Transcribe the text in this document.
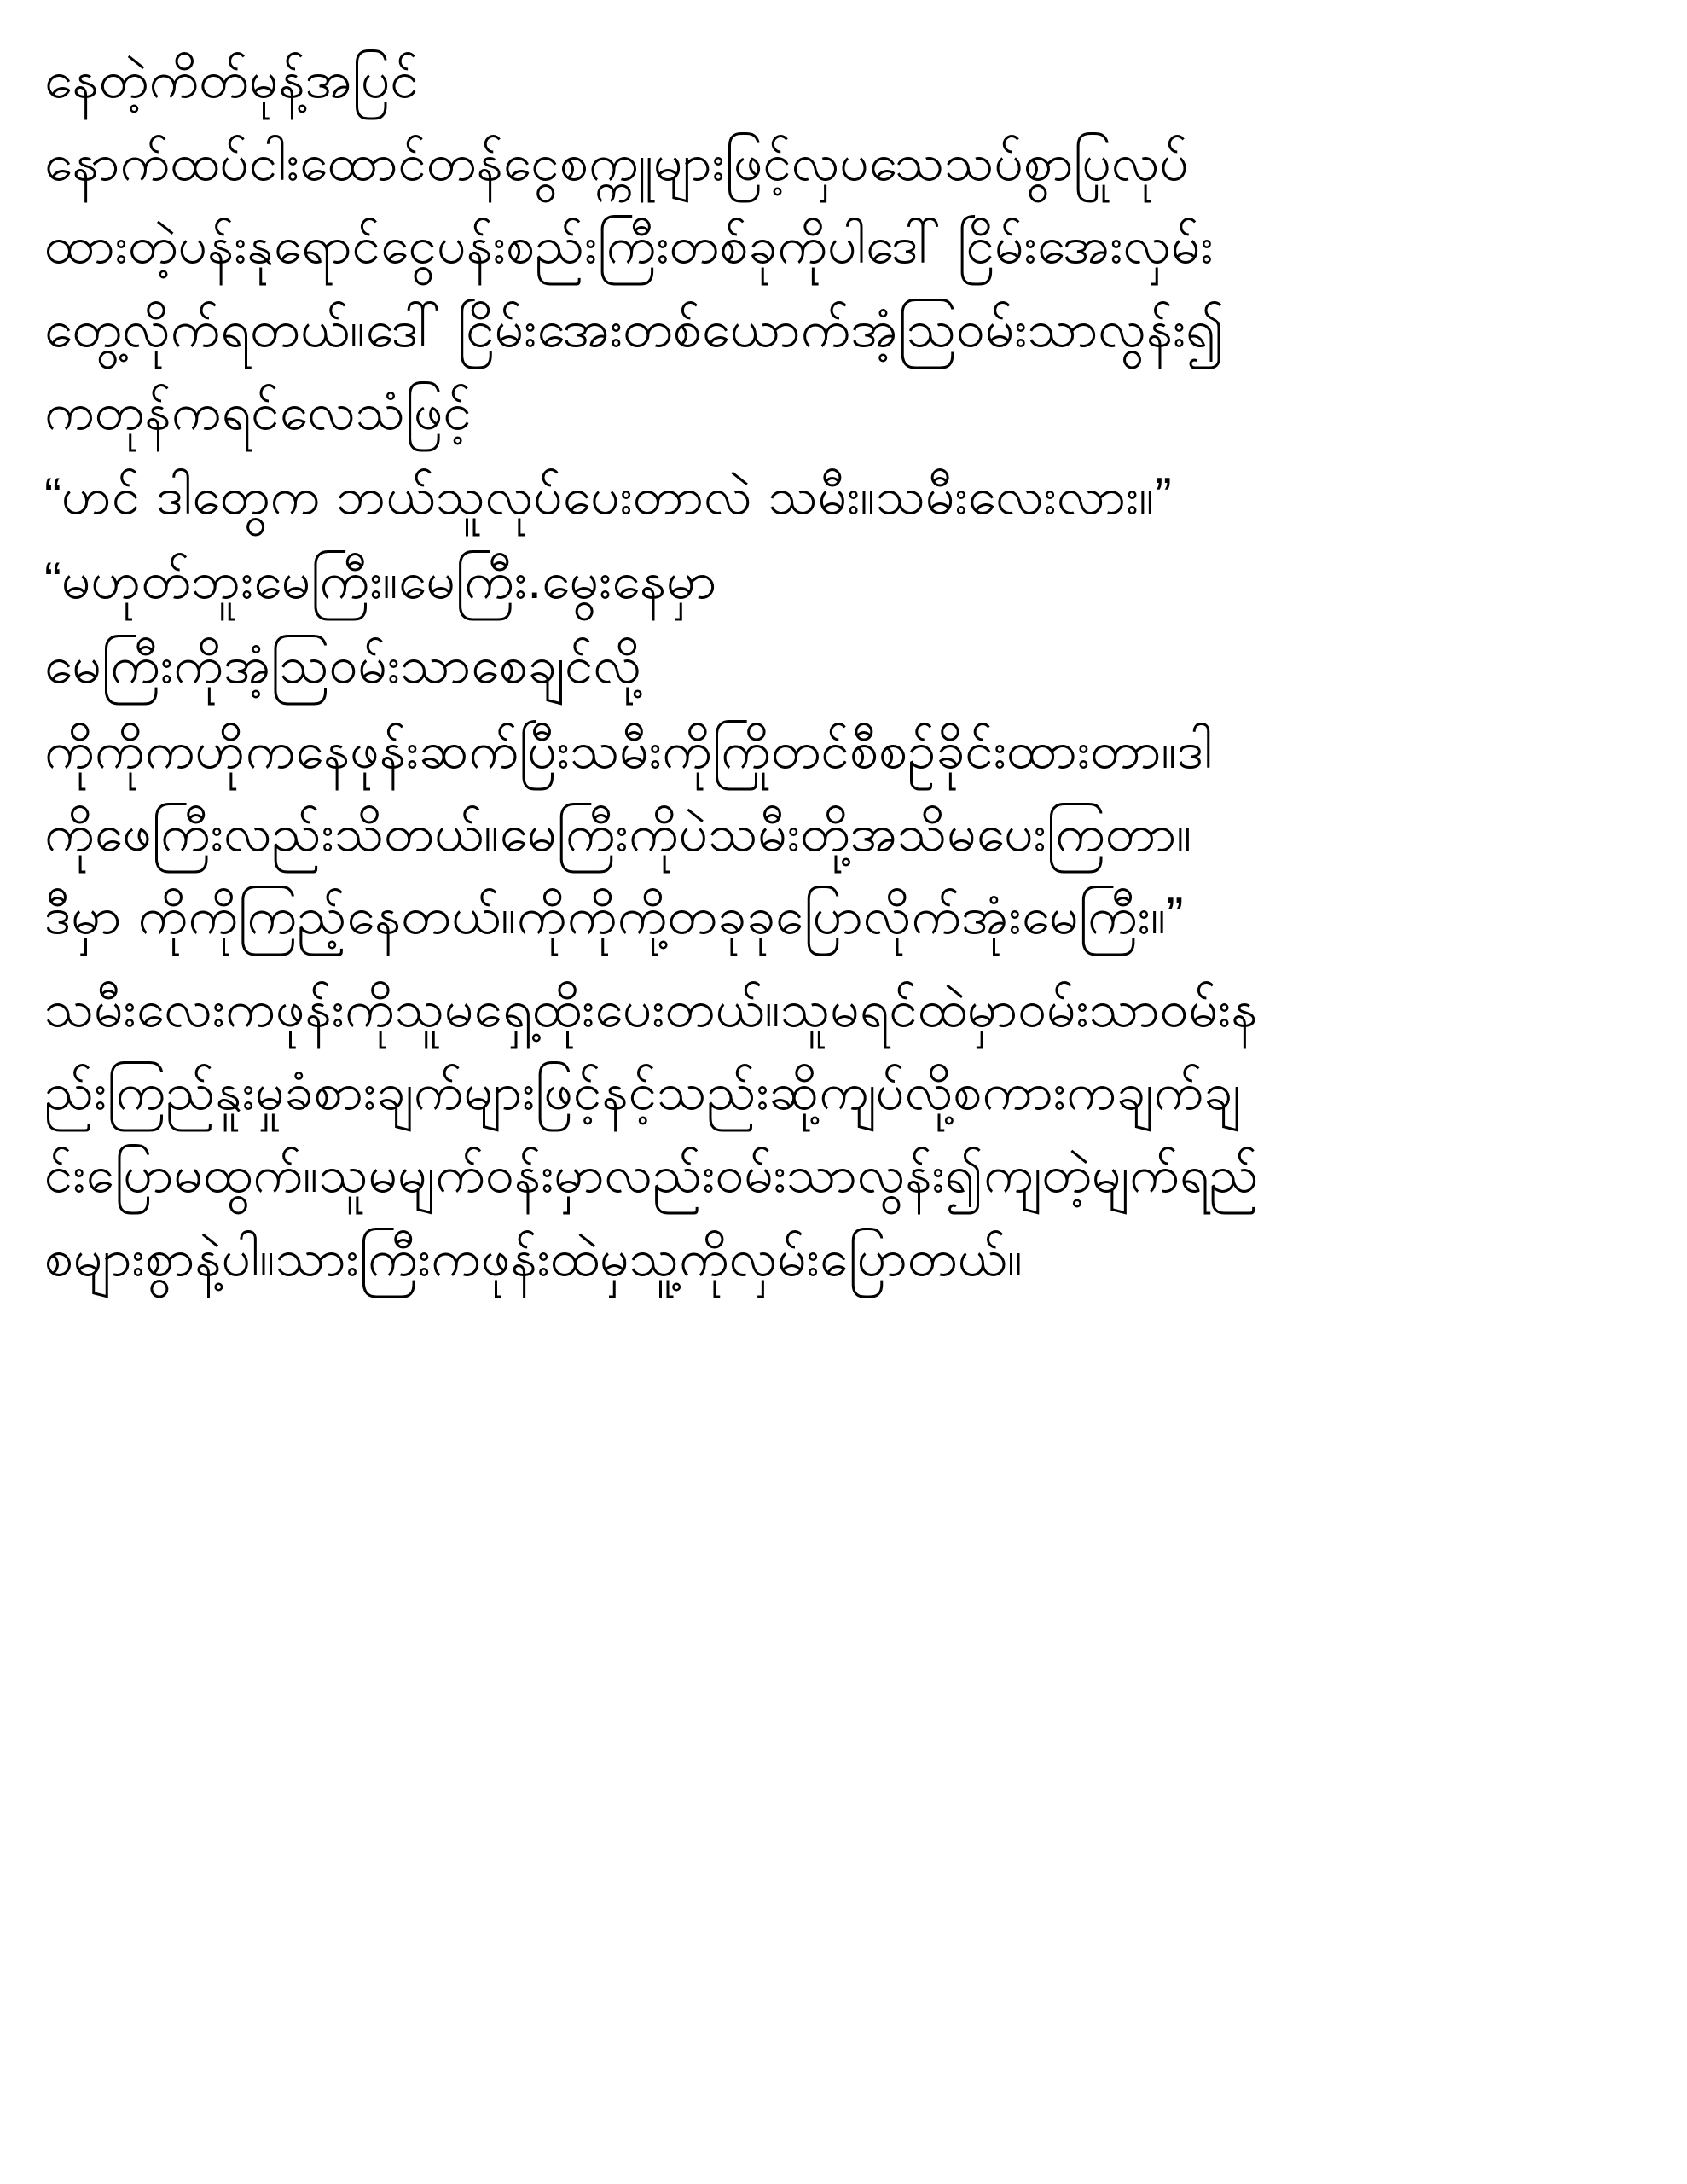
နေတဲ့ကိတ်မုန့်အပြင်

နောက်ထပ်ငါးထောင်တန်ငွေစက္ကူများဖြင့်လှပသေသပ်စွာပြုလုပ်

ထားတဲ့ပန်းနုရောင်ငွေပန်းစည်းကြီးတစ်ခုကိုပါဒေါ် ငြိမ်းအေးလှမ်း

တွေ့လိုက်ရတယ်။ဒေါ် ငြိမ်းအေးတစ်ယောက်အံ့သြဝမ်းသာလွန်း၍

ကတုန်ကရင်လေသံဖြင့်

“ဟင် ဒါတွေက ဘယ်သူလုပ်ပေးတာလဲ သမီး။သမီးလေးလား။”

“မဟုတ်ဘူးမေကြီး။မေကြီး.မွေးနေမှာ

မေကြီးကိုအံ့သြဝမ်းသာစေချင်လို့

ကိုကိုကဟိုကနေဖုန်းဆက်ပြီးသမီးကိုကြိုတင်စီစဉ်ခိုင်းထားတာ။ဒါ

ကိုဖေကြီးလည်းသိတယ်။မေကြီးကိုပဲသမီးတို့အသိမပေးကြတာ။

ဒီမှာ ကိုကိုကြည့်နေတယ်။ကိုကိုကို့တခုခုပြောလိုက်အုံးမေကြီး။”

သမီးလေးကဖုန်းကိုသူမရှေ့ထိုးပေးတယ်။သူမရင်ထဲမှာဝမ်းသာဝမ်းန

ည်းကြည်နူးမှုခံစားချက်များဖြင့်နင့်သည်းဆို့ကျပ်လို့စကားကချက်ချ

င်းပြောမထွက်။သူမမျက်ဝန်းမှာလည်းဝမ်းသာလွန်း၍ကျတဲ့မျက်ရည်

စများစွာနဲ့ပါ။သားကြီးကဖုန်းထဲမှသူ့ကိုလှမ်းပြောတယ်။
